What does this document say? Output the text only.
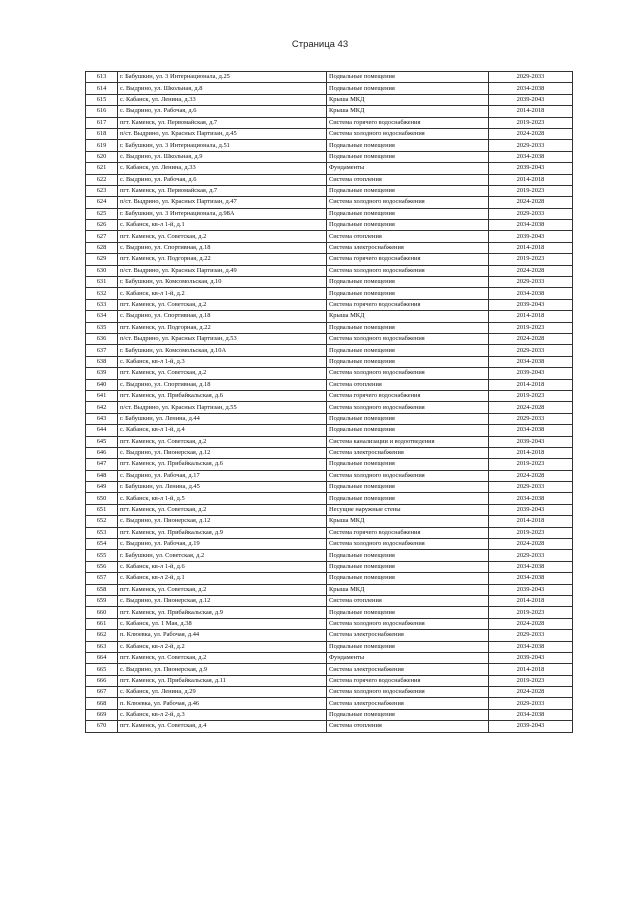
Страница 43
613	г. Бабушкин, ул. 3 Интернационала, д.25	Подвальные помещения	2029-2033
614	с. Выдрино, ул. Школьная, д.8	Подвальные помещения	2034-2038
615	с. Кабанск, ул. Ленина, д.33	Крыша МКД	2039-2043
616	с. Выдрино, ул. Рабочая, д.6	Крыша МКД	2014-2018
617	пгт. Каменск, ул. Первомайская, д.7	Система горячего водоснабжения	2019-2023
618	п/ст. Выдрино, ул. Красных Партизан, д.45	Система холодного водоснабжения	2024-2028
619	г. Бабушкин, ул. 3 Интернационала, д.51	Подвальные помещения	2029-2033
620	с. Выдрино, ул. Школьная, д.9	Подвальные помещения	2034-2038
621	с. Кабанск, ул. Ленина, д.33	Фундаменты	2039-2043
622	с. Выдрино, ул. Рабочая, д.6	Система отопления	2014-2018
623	пгт. Каменск, ул. Первомайская, д.7	Подвальные помещения	2019-2023
624	п/ст. Выдрино, ул. Красных Партизан, д.47	Система холодного водоснабжения	2024-2028
625	г. Бабушкин, ул. 3 Интернационала, д.98А	Подвальные помещения	2029-2033
626	с. Кабанск, кв-л 1-й, д.1	Подвальные помещения	2034-2038
627	пгт. Каменск, ул. Советская, д.2	Система отопления	2039-2043
628	с. Выдрино, ул. Спортивная, д.18	Система электроснабжения	2014-2018
629	пгт. Каменск, ул. Подгорная, д.22	Система горячего водоснабжения	2019-2023
630	п/ст. Выдрино, ул. Красных Партизан, д.49	Система холодного водоснабжения	2024-2028
631	г. Бабушкин, ул. Комсомольская, д.10	Подвальные помещения	2029-2033
632	с. Кабанск, кв-л 1-й, д.2	Подвальные помещения	2034-2038
633	пгт. Каменск, ул. Советская, д.2	Система горячего водоснабжения	2039-2043
634	с. Выдрино, ул. Спортивная, д.18	Крыша МКД	2014-2018
635	пгт. Каменск, ул. Подгорная, д.22	Подвальные помещения	2019-2023
636	п/ст. Выдрино, ул. Красных Партизан, д.53	Система холодного водоснабжения	2024-2028
637	г. Бабушкин, ул. Комсомольская, д.10А	Подвальные помещения	2029-2033
638	с. Кабанск, кв-л 1-й, д.3	Подвальные помещения	2034-2038
639	пгт. Каменск, ул. Советская, д.2	Система холодного водоснабжения	2039-2043
640	с. Выдрино, ул. Спортивная, д.18	Система отопления	2014-2018
641	пгт. Каменск, ул. Прибайкальская, д.6	Система горячего водоснабжения	2019-2023
642	п/ст. Выдрино, ул. Красных Партизан, д.55	Система холодного водоснабжения	2024-2028
643	г. Бабушкин, ул. Ленина, д.44	Подвальные помещения	2029-2033
644	с. Кабанск, кв-л 1-й, д.4	Подвальные помещения	2034-2038
645	пгт. Каменск, ул. Советская, д.2	Система канализации и водоотведения	2039-2043
646	с. Выдрино, ул. Пионерская, д.12	Система электроснабжения	2014-2018
647	пгт. Каменск, ул. Прибайкальская, д.6	Подвальные помещения	2019-2023
648	с. Выдрино, ул. Рабочая, д.17	Система холодного водоснабжения	2024-2028
649	г. Бабушкин, ул. Ленина, д.45	Подвальные помещения	2029-2033
650	с. Кабанск, кв-л 1-й, д.5	Подвальные помещения	2034-2038
651	пгт. Каменск, ул. Советская, д.2	Несущие наружные стены	2039-2043
652	с. Выдрино, ул. Пионерская, д.12	Крыша МКД	2014-2018
653	пгт. Каменск, ул. Прибайкальская, д.9	Система горячего водоснабжения	2019-2023
654	с. Выдрино, ул. Рабочая, д.19	Система холодного водоснабжения	2024-2028
655	г. Бабушкин, ул. Советская, д.2	Подвальные помещения	2029-2033
656	с. Кабанск, кв-л 1-й, д.6	Подвальные помещения	2034-2038
657	с. Кабанск, кв-л 2-й, д.1	Подвальные помещения	2034-2038
658	пгт. Каменск, ул. Советская, д.2	Крыша МКД	2039-2043
659	с. Выдрино, ул. Пионерская, д.12	Система отопления	2014-2018
660	пгт. Каменск, ул. Прибайкальская, д.9	Подвальные помещения	2019-2023
661	с. Кабанск, ул. 1 Мая, д.38	Система холодного водоснабжения	2024-2028
662	п. Клюевка, ул. Рабочая, д.44	Система электроснабжения	2029-2033
663	с. Кабанск, кв-л 2-й, д.2	Подвальные помещения	2034-2038
664	пгт. Каменск, ул. Советская, д.2	Фундаменты	2039-2043
665	с. Выдрино, ул. Пионерская, д.9	Система электроснабжения	2014-2018
666	пгт. Каменск, ул. Прибайкальская, д.11	Система горячего водоснабжения	2019-2023
667	с. Кабанск, ул. Ленина, д.29	Система холодного водоснабжения	2024-2028
668	п. Клюевка, ул. Рабочая, д.46	Система электроснабжения	2029-2033
669	с. Кабанск, кв-л 2-й, д.3	Подвальные помещения	2034-2038
670	пгт. Каменск, ул. Советская, д.4	Система отопления	2039-2043
